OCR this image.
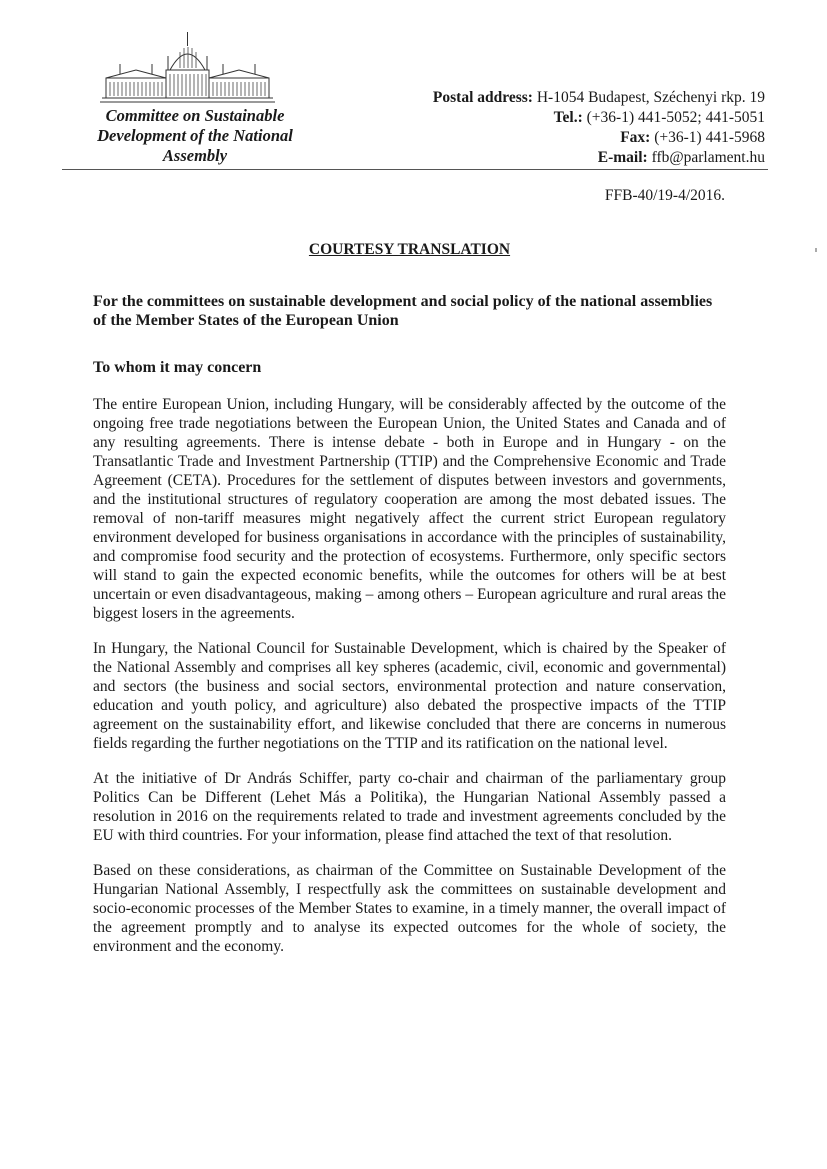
Committee on Sustainable
Development of the National
Assembly
Postal address: H-1054 Budapest, Széchenyi rkp. 19
Tel.: (+36-1) 441-5052; 441-5051
Fax: (+36-1) 441-5968
E-mail: ffb@parlament.hu
FFB-40/19-4/2016.
COURTESY TRANSLATION
For the committees on sustainable development and social policy of the national assemblies of the Member States of the European Union
To whom it may concern

The entire European Union, including Hungary, will be considerably affected by the outcome of the ongoing free trade negotiations between the European Union, the United States and Canada and of any resulting agreements. There is intense debate - both in Europe and in Hungary - on the Transatlantic Trade and Investment Partnership (TTIP) and the Comprehensive Economic and Trade Agreement (CETA). Procedures for the settlement of disputes between investors and governments, and the institutional structures of regulatory cooperation are among the most debated issues. The removal of non-tariff measures might negatively affect the current strict European regulatory environment developed for business organisations in accordance with the principles of sustainability, and compromise food security and the protection of ecosystems. Furthermore, only specific sectors will stand to gain the expected economic benefits, while the outcomes for others will be at best uncertain or even disadvantageous, making – among others – European agriculture and rural areas the biggest losers in the agreements.

In Hungary, the National Council for Sustainable Development, which is chaired by the Speaker of the National Assembly and comprises all key spheres (academic, civil, economic and governmental) and sectors (the business and social sectors, environmental protection and nature conservation, education and youth policy, and agriculture) also debated the prospective impacts of the TTIP agreement on the sustainability effort, and likewise concluded that there are concerns in numerous fields regarding the further negotiations on the TTIP and its ratification on the national level.

At the initiative of Dr András Schiffer, party co-chair and chairman of the parliamentary group Politics Can be Different (Lehet Más a Politika), the Hungarian National Assembly passed a resolution in 2016 on the requirements related to trade and investment agreements concluded by the EU with third countries. For your information, please find attached the text of that resolution.

Based on these considerations, as chairman of the Committee on Sustainable Development of the Hungarian National Assembly, I respectfully ask the committees on sustainable development and socio-economic processes of the Member States to examine, in a timely manner, the overall impact of the agreement promptly and to analyse its expected outcomes for the whole of society, the environment and the economy.
